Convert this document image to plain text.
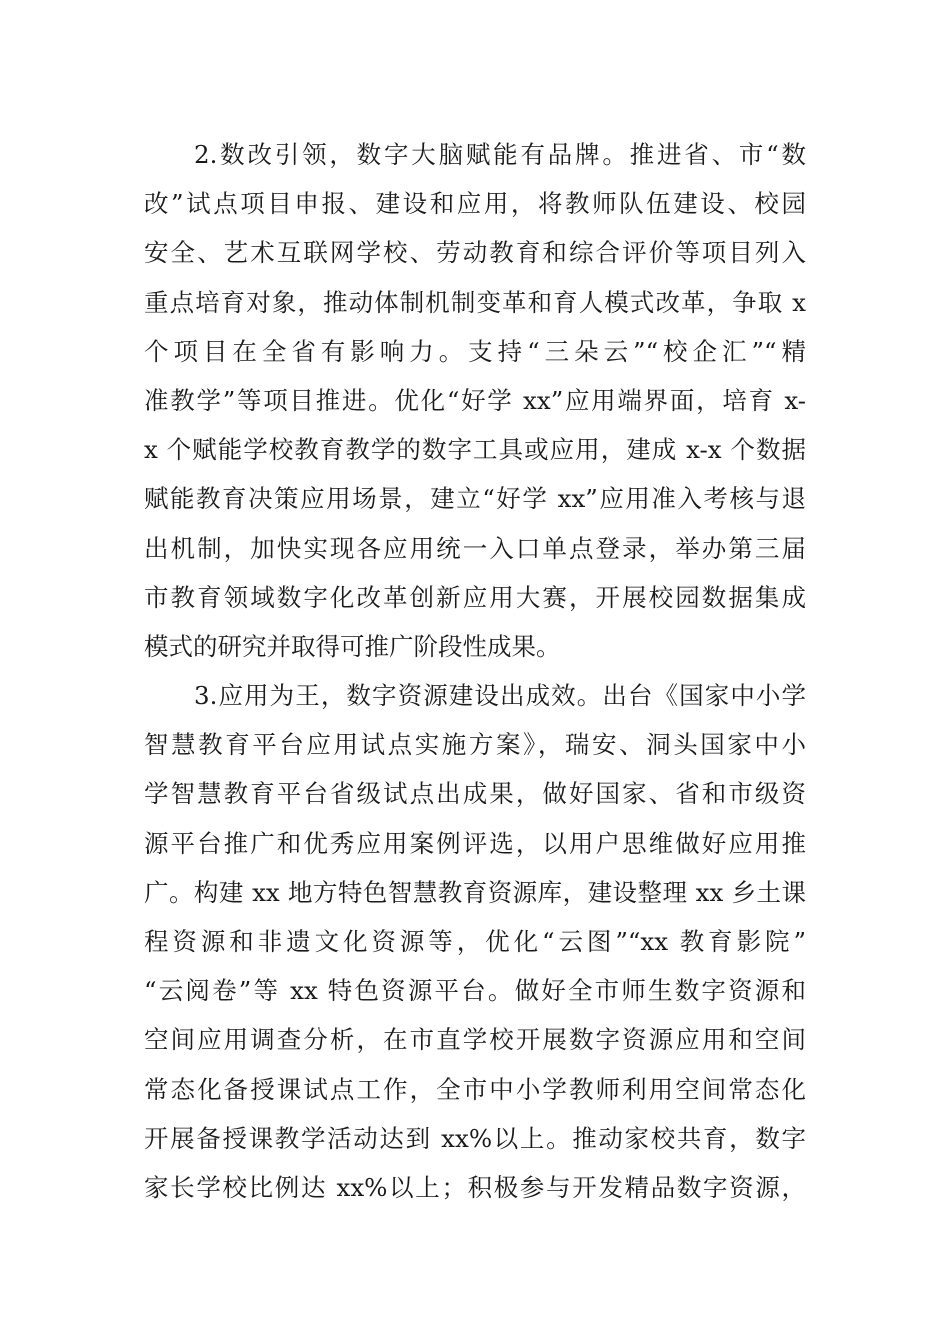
2.数改引领，数字大脑赋能有品牌。推进省、市“数
改”试点项目申报、建设和应用，将教师队伍建设、校园
安全、艺术互联网学校、劳动教育和综合评价等项目列入
重点培育对象，推动体制机制变革和育人模式改革，争取 x
个项目在全省有影响力。支持“三朵云”“校企汇”“精
准教学”等项目推进。优化“好学 xx”应用端界面，培育 x-
x 个赋能学校教育教学的数字工具或应用，建成 x-x 个数据
赋能教育决策应用场景，建立“好学 xx”应用准入考核与退
出机制，加快实现各应用统一入口单点登录，举办第三届
市教育领域数字化改革创新应用大赛，开展校园数据集成
模式的研究并取得可推广阶段性成果。
3.应用为王，数字资源建设出成效。出台《国家中小学
智慧教育平台应用试点实施方案》，瑞安、洞头国家中小
学智慧教育平台省级试点出成果，做好国家、省和市级资
源平台推广和优秀应用案例评选，以用户思维做好应用推
广。构建 xx 地方特色智慧教育资源库，建设整理 xx 乡土课
程资源和非遗文化资源等，优化“云图”“xx 教育影院”
“云阅卷”等 xx 特色资源平台。做好全市师生数字资源和
空间应用调查分析，在市直学校开展数字资源应用和空间
常态化备授课试点工作，全市中小学教师利用空间常态化
开展备授课教学活动达到 xx%以上。推动家校共育，数字
家长学校比例达 xx%以上；积极参与开发精品数字资源，
